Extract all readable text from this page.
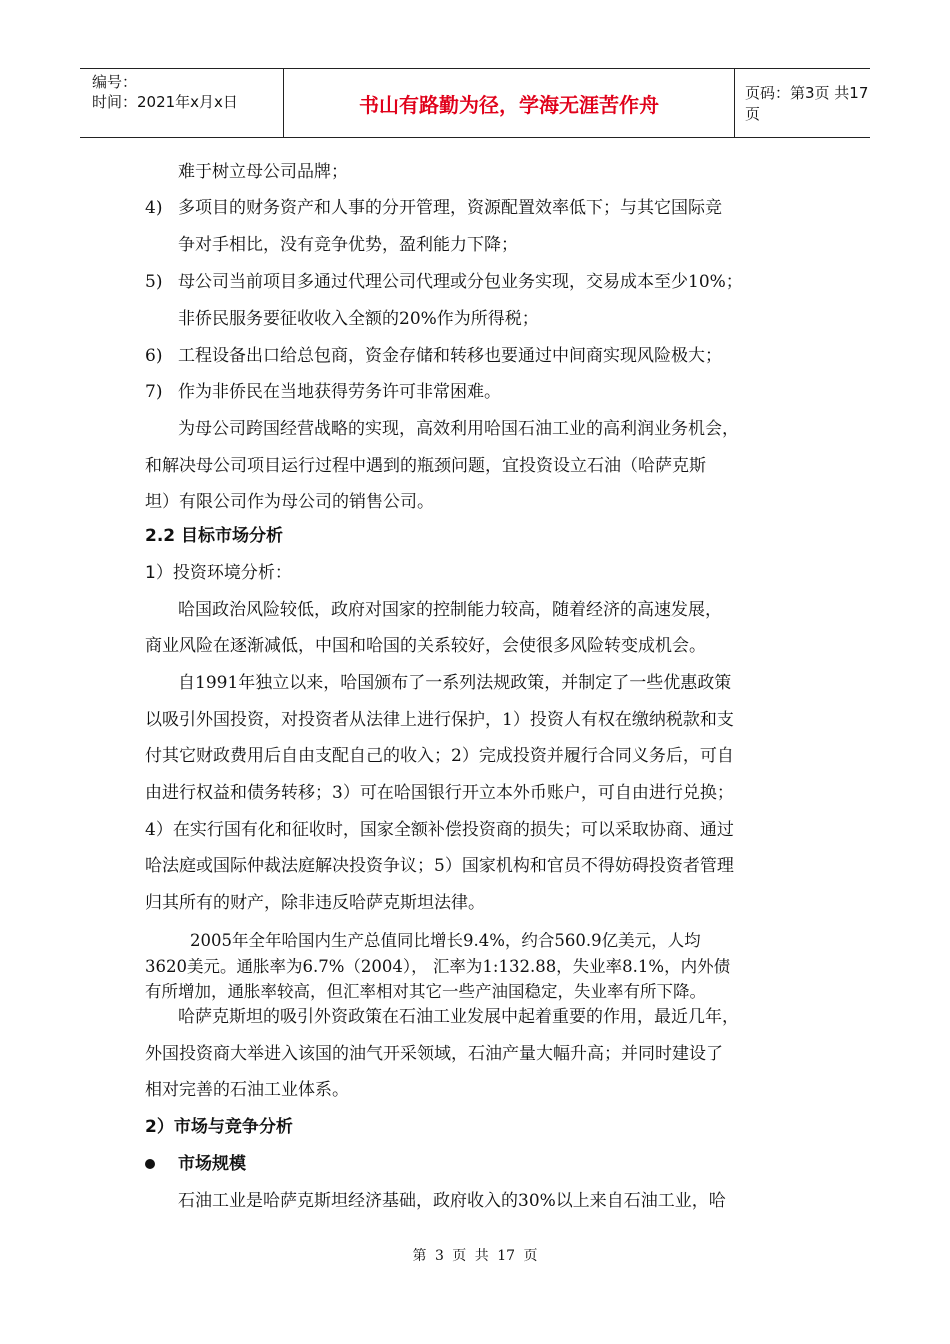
编号：
时间：2021年x月x日	书山有路勤为径，学海无涯苦作舟	页码：第3页 共17页
难于树立母公司品牌；
4) 多项目的财务资产和人事的分开管理，资源配置效率低下；与其它国际竞
争对手相比，没有竞争优势，盈利能力下降；
5) 母公司当前项目多通过代理公司代理或分包业务实现，交易成本至少10%；
非侨民服务要征收收入全额的20%作为所得税；
6) 工程设备出口给总包商，资金存储和转移也要通过中间商实现风险极大；
7) 作为非侨民在当地获得劳务许可非常困难。
为母公司跨国经营战略的实现，高效利用哈国石油工业的高利润业务机会，
和解决母公司项目运行过程中遇到的瓶颈问题，宜投资设立石油（哈萨克斯
坦）有限公司作为母公司的销售公司。
2.2 目标市场分析
1）投资环境分析：
哈国政治风险较低，政府对国家的控制能力较高，随着经济的高速发展，
商业风险在逐渐减低，中国和哈国的关系较好，会使很多风险转变成机会。
自1991年独立以来，哈国颁布了一系列法规政策，并制定了一些优惠政策
以吸引外国投资，对投资者从法律上进行保护，1）投资人有权在缴纳税款和支
付其它财政费用后自由支配自己的收入；2）完成投资并履行合同义务后，可自
由进行权益和债务转移；3）可在哈国银行开立本外币账户，可自由进行兑换；
4）在实行国有化和征收时，国家全额补偿投资商的损失；可以采取协商、通过
哈法庭或国际仲裁法庭解决投资争议；5）国家机构和官员不得妨碍投资者管理
归其所有的财产，除非违反哈萨克斯坦法律。
2005年全年哈国内生产总值同比增长9.4%，约合560.9亿美元，人均
3620美元。通胀率为6.7%（2004）， 汇率为1:132.88，失业率8.1%，内外债
有所增加，通胀率较高，但汇率相对其它一些产油国稳定，失业率有所下降。
哈萨克斯坦的吸引外资政策在石油工业发展中起着重要的作用，最近几年，
外国投资商大举进入该国的油气开采领域，石油产量大幅升高；并同时建设了
相对完善的石油工业体系。
2）市场与竞争分析
市场规模
石油工业是哈萨克斯坦经济基础，政府收入的30%以上来自石油工业，哈
第 3 页 共 17 页
